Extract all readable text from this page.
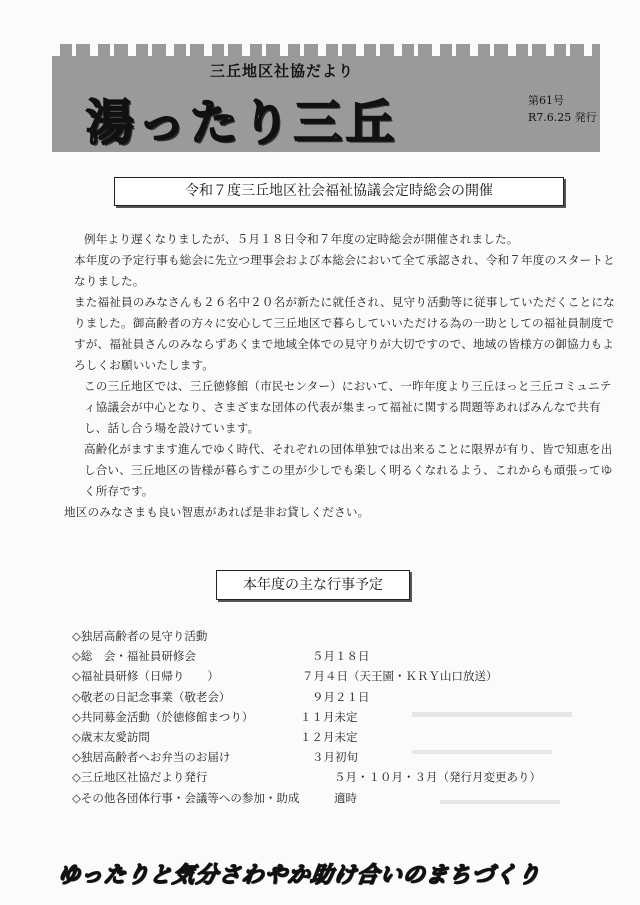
三丘地区社協だより
湯ったり三丘	第61号
R7.6.25 発行
令和７度三丘地区社会福祉協議会定時総会の開催

例年より遅くなりましたが、５月１８日令和７年度の定時総会が開催されました。

本年度の予定行事も総会に先立つ理事会および本総会において全て承認され、令和７年度のスタートとなりました。

また福祉員のみなさんも２６名中２０名が新たに就任され、見守り活動等に従事していただくことになりました。御高齢者の方々に安心して三丘地区で暮らしていいただける為の一助としての福祉員制度ですが、福祉員さんのみならずあくまで地域全体での見守りが大切ですので、地域の皆様方の御協力もよろしくお願いいたします。

この三丘地区では、三丘徳修館（市民センター）において、一昨年度より三丘ほっと三丘コミュニティ協議会が中心となり、さまざまな団体の代表が集まって福祉に関する問題等あればみんなで共有し、話し合う場を設けています。

高齢化がますます進んでゆく時代、それぞれの団体単独では出来ることに限界が有り、皆で知恵を出し合い、三丘地区の皆様が暮らすこの里が少しでも楽しく明るくなれるよう、これからも頑張ってゆく所存です。

地区のみなさまも良い智恵があれば是非お貸しください。

本年度の主な行事予定
◇独居高齢者の見守り活動
◇総　会・福祉員研修会	５月１８日
◇福祉員研修（日帰り　　）	７月４日（天王園・ＫＲＹ山口放送）
◇敬老の日記念事業（敬老会）	９月２１日
◇共同募金活動（於徳修館まつり）	１１月未定
◇歳末友愛訪問	１２月未定
◇独居高齢者へお弁当のお届け	３月初旬
◇三丘地区社協だより発行	５月・１０月・３月（発行月変更あり）
◇その他各団体行事・会議等への参加・助成	適時
ゆったりと気分さわやか助け合いのまちづくり
